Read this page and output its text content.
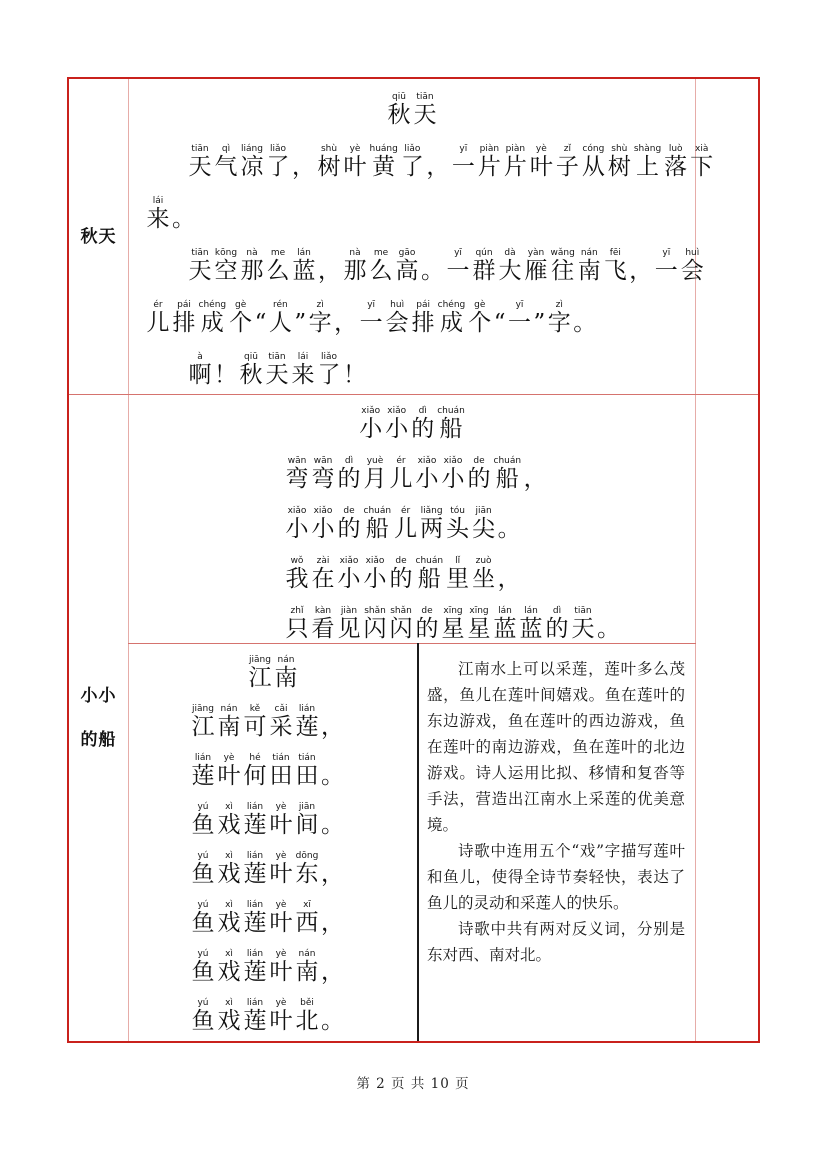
秋天
小小
的船
秋qiū
天tiān
天tiān
气qì
凉liáng
了liǎo
， 树shù
叶yè
黄huáng
了liǎo
， 一yī
片piàn
片piàn
叶yè
子zǐ
从cóng
树shù
上shàng
落luò
下xià
来lái
。
天tiān
空kōng
那nà
么me
蓝lán
， 那nà
么me
高gāo
。 一yī
群qún
大dà
雁yàn
往wǎng
南nán
飞fēi
， 一yī
会huì
儿ér
排pái
成chéng
个gè
“ 人rén
” 字zì
， 一yī
会huì
排pái
成chéng
个gè
“ 一yī
” 字zì
。
啊à
！ 秋qiū
天tiān
来lái
了liǎo
！
小xiǎo
小xiǎo
的dì
船chuán
弯wān
弯wān
的dì
月yuè
儿ér
小xiǎo
小xiǎo
的de
船chuán
，
小xiǎo
小xiǎo
的de
船chuán
儿ér
两liǎng
头tóu
尖jiān
。
我wǒ
在zài
小xiǎo
小xiǎo
的de
船chuán
里lǐ
坐zuò
，
只zhǐ
看kàn
见jiàn
闪shǎn
闪shǎn
的de
星xīng
星xīng
蓝lán
蓝lán
的dì
天tiān
。
江jiāng
南nán
江jiāng
南nán
可kě
采cǎi
莲lián
，
莲lián
叶yè
何hé
田tián
田tián
。
鱼yú
戏xì
莲lián
叶yè
间jiān
。
鱼yú
戏xì
莲lián
叶yè
东dōng
，
鱼yú
戏xì
莲lián
叶yè
西xī
，
鱼yú
戏xì
莲lián
叶yè
南nán
，
鱼yú
戏xì
莲lián
叶yè
北běi
。

江南水上可以采莲，莲叶多么茂盛，鱼儿在莲叶间嬉戏。鱼在莲叶的东边游戏，鱼在莲叶的西边游戏，鱼在莲叶的南边游戏，鱼在莲叶的北边游戏。诗人运用比拟、移情和复沓等手法，营造出江南水上采莲的优美意境。

诗歌中连用五个“戏”字描写莲叶和鱼儿，使得全诗节奏轻快，表达了鱼儿的灵动和采莲人的快乐。

诗歌中共有两对反义词，分别是东对西、南对北。

第 2 页 共 10 页
